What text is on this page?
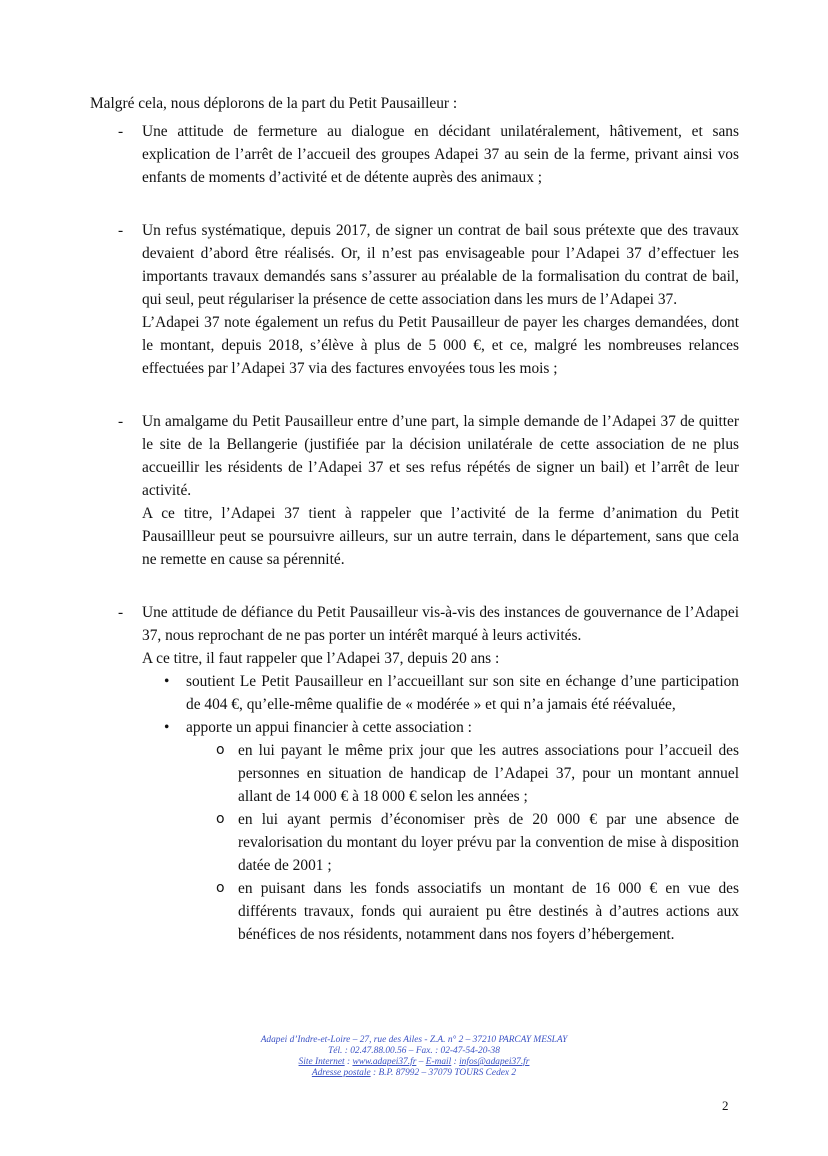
Malgré cela, nous déplorons de la part du Petit Pausailleur :

- Une attitude de fermeture au dialogue en décidant unilatéralement, hâtivement, et sans explication de l’arrêt de l’accueil des groupes Adapei 37 au sein de la ferme, privant ainsi vos enfants de moments d’activité et de détente auprès des animaux ;

- Un refus systématique, depuis 2017, de signer un contrat de bail sous prétexte que des travaux devaient d’abord être réalisés. Or, il n’est pas envisageable pour l’Adapei 37 d’effectuer les importants travaux demandés sans s’assurer au préalable de la formalisation du contrat de bail, qui seul, peut régulariser la présence de cette association dans les murs de l’Adapei 37.

L’Adapei 37 note également un refus du Petit Pausailleur de payer les charges demandées, dont le montant, depuis 2018, s’élève à plus de 5 000 €, et ce, malgré les nombreuses relances effectuées par l’Adapei 37 via des factures envoyées tous les mois ;

- Un amalgame du Petit Pausailleur entre d’une part, la simple demande de l’Adapei 37 de quitter le site de la Bellangerie (justifiée par la décision unilatérale de cette association de ne plus accueillir les résidents de l’Adapei 37 et ses refus répétés de signer un bail) et l’arrêt de leur activité.

A ce titre, l’Adapei 37 tient à rappeler que l’activité de la ferme d’animation du Petit Pausaillleur peut se poursuivre ailleurs, sur un autre terrain, dans le département, sans que cela ne remette en cause sa pérennité.

- Une attitude de défiance du Petit Pausailleur vis-à-vis des instances de gouvernance de l’Adapei 37, nous reprochant de ne pas porter un intérêt marqué à leurs activités.

A ce titre, il faut rappeler que l’Adapei 37, depuis 20 ans :

• soutient Le Petit Pausailleur en l’accueillant sur son site en échange d’une participation de 404 €, qu’elle-même qualifie de « modérée » et qui n’a jamais été réévaluée,
• apporte un appui financier à cette association :
o en lui payant le même prix jour que les autres associations pour l’accueil des personnes en situation de handicap de l’Adapei 37, pour un montant annuel allant de 14 000 € à 18 000 € selon les années ;
o en lui ayant permis d’économiser près de 20 000 € par une absence de revalorisation du montant du loyer prévu par la convention de mise à disposition datée de 2001 ;
o en puisant dans les fonds associatifs un montant de 16 000 € en vue des différents travaux, fonds qui auraient pu être destinés à d’autres actions aux bénéfices de nos résidents, notamment dans nos foyers d’hébergement.
Adapei d’Indre-et-Loire – 27, rue des Ailes - Z.A. n° 2 – 37210 PARCAY MESLAY
Tél. : 02.47.88.00.56 – Fax. : 02-47-54-20-38
Site Internet : www.adapei37.fr – E-mail : infos@adapei37.fr
Adresse postale : B.P. 87992 – 37079 TOURS Cedex 2
2
